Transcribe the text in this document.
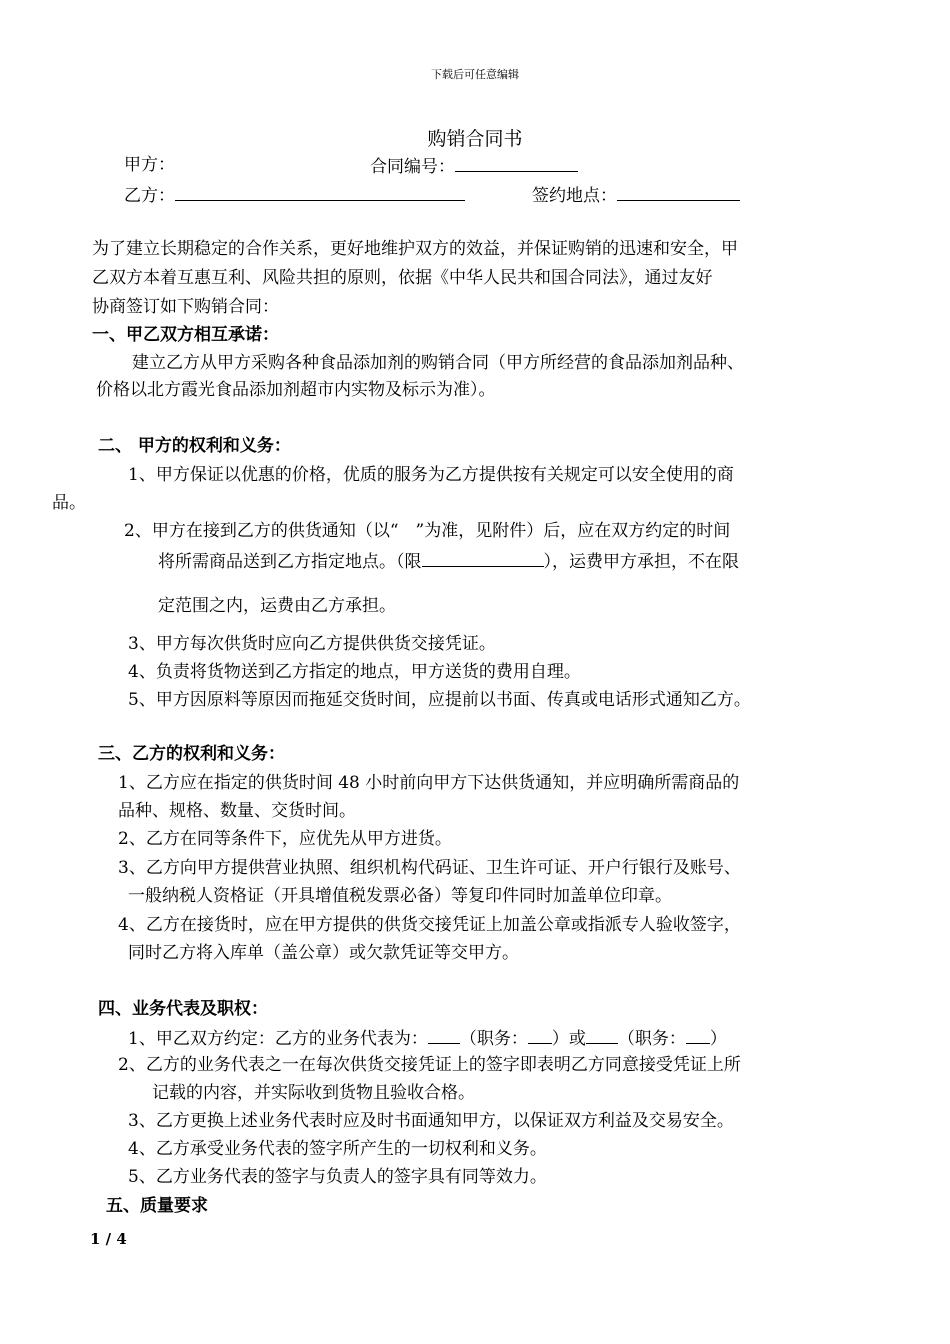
下载后可任意编辑
购销合同书
甲方：	合同编号：
乙方：	签约地点：
为了建立长期稳定的合作关系，更好地维护双方的效益，并保证购销的迅速和安全，甲
乙双方本着互惠互利、风险共担的原则，依据《中华人民共和国合同法》，通过友好
协商签订如下购销合同：
一、甲乙双方相互承诺：
建立乙方从甲方采购各种食品添加剂的购销合同（甲方所经营的食品添加剂品种、
价格以北方霞光食品添加剂超市内实物及标示为准）。
二、 甲方的权利和义务：
1、甲方保证以优惠的价格，优质的服务为乙方提供按有关规定可以安全使用的商
品。
2、甲方在接到乙方的供货通知（以“　”为准，见附件）后，应在双方约定的时间
将所需商品送到乙方指定地点。（限	），运费甲方承担，不在限
定范围之内，运费由乙方承担。
3、甲方每次供货时应向乙方提供供货交接凭证。
4、负责将货物送到乙方指定的地点，甲方送货的费用自理。
5、甲方因原料等原因而拖延交货时间，应提前以书面、传真或电话形式通知乙方。
三、乙方的权利和义务：
1、乙方应在指定的供货时间 48 小时前向甲方下达供货通知，并应明确所需商品的
品种、规格、数量、交货时间。
2、乙方在同等条件下，应优先从甲方进货。
3、乙方向甲方提供营业执照、组织机构代码证、卫生许可证、开户行银行及账号、
一般纳税人资格证（开具增值税发票必备）等复印件同时加盖单位印章。
4、乙方在接货时，应在甲方提供的供货交接凭证上加盖公章或指派专人验收签字，
同时乙方将入库单（盖公章）或欠款凭证等交甲方。
四、业务代表及职权：
1、甲乙双方约定：乙方的业务代表为： （职务： ）或 （职务： ）
2、乙方的业务代表之一在每次供货交接凭证上的签字即表明乙方同意接受凭证上所
记载的内容，并实际收到货物且验收合格。
3、乙方更换上述业务代表时应及时书面通知甲方，以保证双方利益及交易安全。
4、乙方承受业务代表的签字所产生的一切权利和义务。
5、乙方业务代表的签字与负责人的签字具有同等效力。
五、质量要求
1 / 4
